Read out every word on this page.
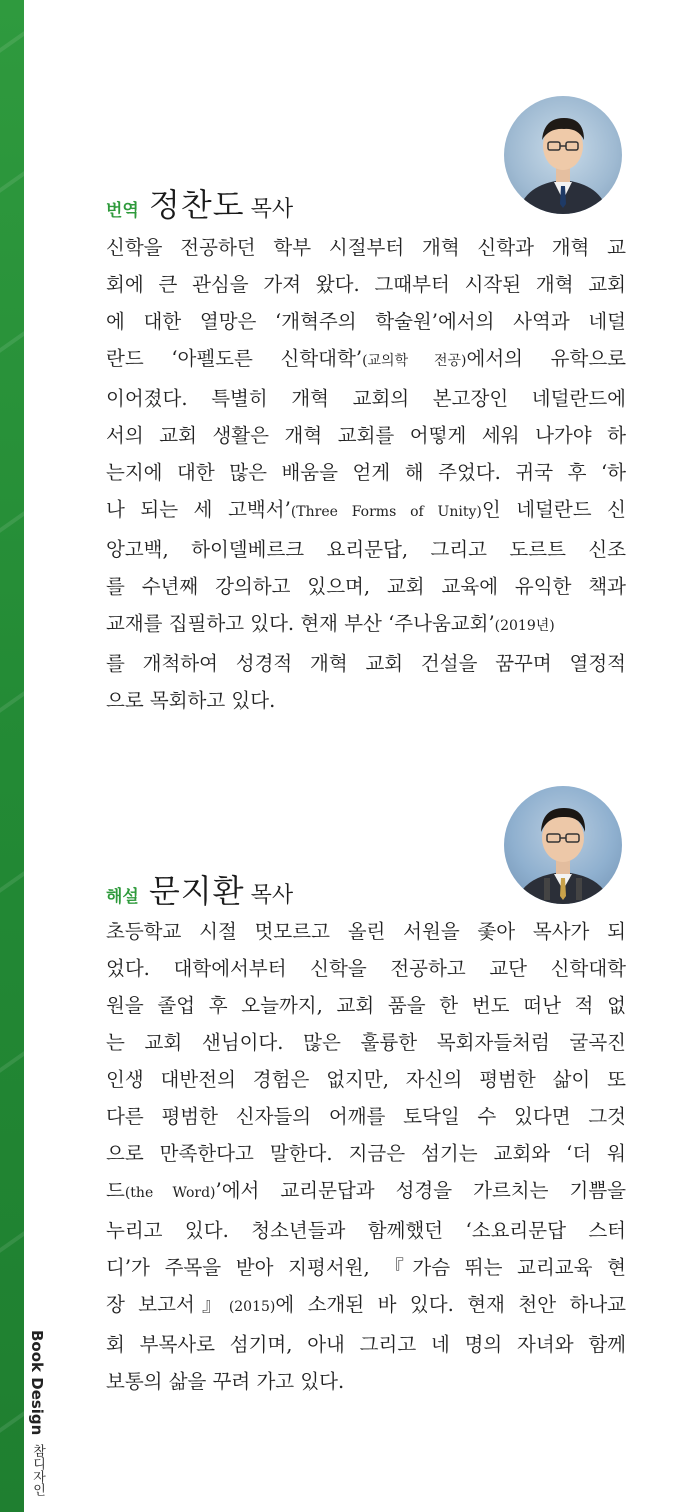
번역 정찬도 목사
신학을 전공하던 학부 시절부터 개혁 신학과 개혁 교
회에 큰 관심을 가져 왔다. 그때부터 시작된 개혁 교회
에 대한 열망은 ‘개혁주의 학술원’에서의 사역과 네덜
란드 ‘아펠도른 신학대학’(교의학 전공)에서의 유학으로
이어졌다. 특별히 개혁 교회의 본고장인 네덜란드에
서의 교회 생활은 개혁 교회를 어떻게 세워 나가야 하
는지에 대한 많은 배움을 얻게 해 주었다. 귀국 후 ‘하
나 되는 세 고백서’(Three Forms of Unity)인 네덜란드 신
앙고백, 하이델베르크 요리문답, 그리고 도르트 신조
를 수년째 강의하고 있으며, 교회 교육에 유익한 책과
교재를 집필하고 있다. 현재 부산 ‘주나움교회’(2019년)
를 개척하여 성경적 개혁 교회 건설을 꿈꾸며 열정적
으로 목회하고 있다.
해설 문지환 목사
초등학교 시절 멋모르고 올린 서원을 좇아 목사가 되
었다. 대학에서부터 신학을 전공하고 교단 신학대학
원을 졸업 후 오늘까지, 교회 품을 한 번도 떠난 적 없
는 교회 샌님이다. 많은 훌륭한 목회자들처럼 굴곡진
인생 대반전의 경험은 없지만, 자신의 평범한 삶이 또
다른 평범한 신자들의 어깨를 토닥일 수 있다면 그것
으로 만족한다고 말한다. 지금은 섬기는 교회와 ‘더 워
드(the Word)’에서 교리문답과 성경을 가르치는 기쁨을
누리고 있다. 청소년들과 함께했던 ‘소요리문답 스터
디’가 주목을 받아 지평서원, 『가슴 뛰는 교리교육 현
장 보고서』(2015)에 소개된 바 있다. 현재 천안 하나교
회 부목사로 섬기며, 아내 그리고 네 명의 자녀와 함께
보통의 삶을 꾸려 가고 있다.
Book Design 참디자인
